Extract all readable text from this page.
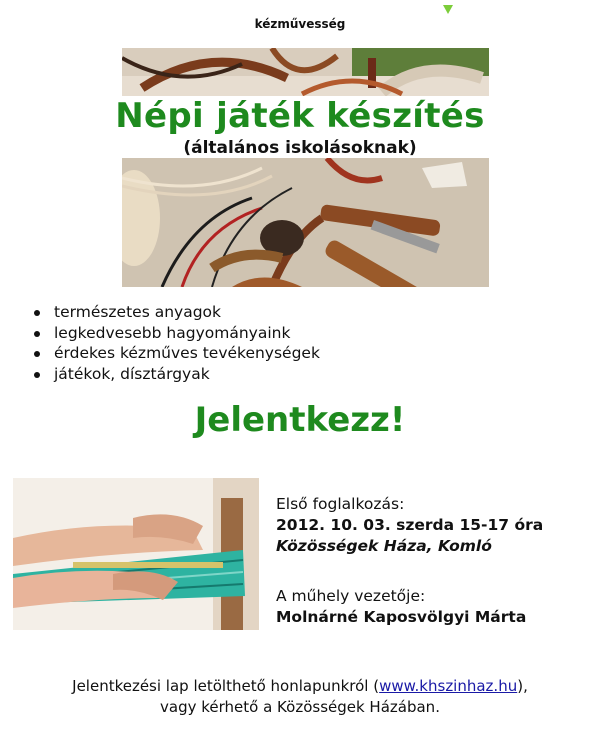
kézművesség
Népi játék készítés
(általános iskolásoknak)
természetes anyagok
legkedvesebb hagyományaink
érdekes kézműves tevékenységek
játékok, dísztárgyak
Jelentkezz!
Első foglalkozás:
2012. 10. 03. szerda 15-17 óra
Közösségek Háza, Komló
A műhely vezetője:
Molnárné Kaposvölgyi Márta
Jelentkezési lap letölthető honlapunkról (www.khszinhaz.hu),
vagy kérhető a Közösségek Házában.
